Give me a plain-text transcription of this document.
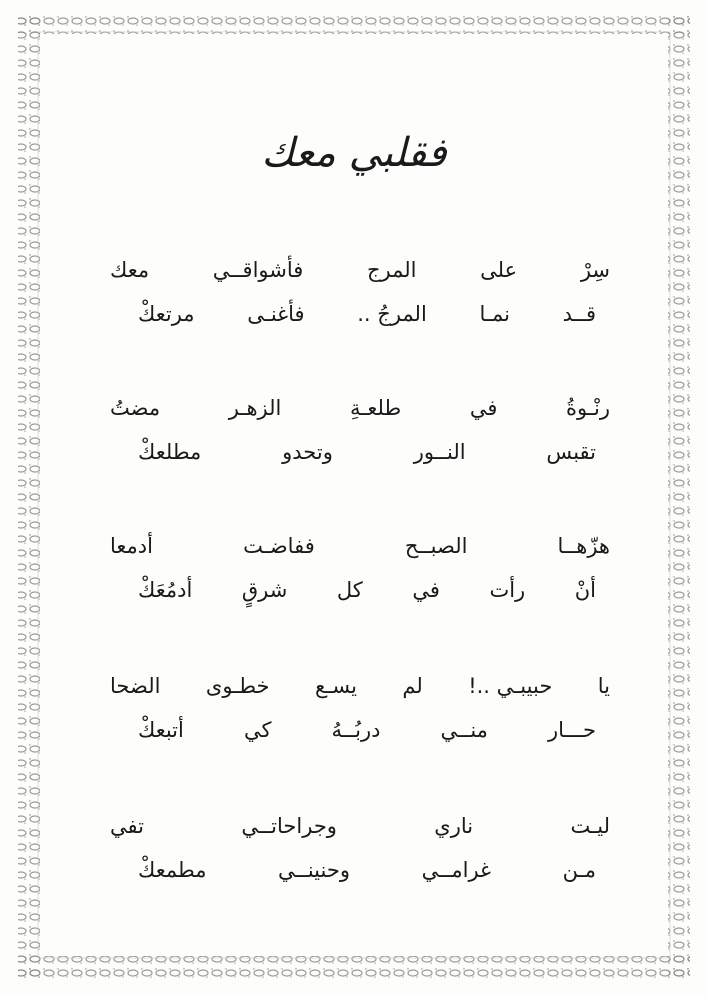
فقلبي معك
سِرْ
على
المرج
فأشواقــي
معك
قــد
نمـا
المرجُ ..
فأغنـى
مرتعكْ
رنْـوةُ
في
طلعـةِ
الزهـر
مضتُ
تقبس
النــور
وتحدو
مطلعكْ
هزّهــا
الصبــح
ففاضـت
أدمعا
أنْ
رأت
في
كل
شرقٍ
أدمُعَكْ
يا
حبيبـي ..!
لم
يسـع
خطـوى
الضحا
حـــار
منــي
دربُــهُ
كي
أتبعكْ
ليـت
ناري
وجراحاتــي
تفي
مـن
غرامــي
وحنينــي
مطمعكْ
